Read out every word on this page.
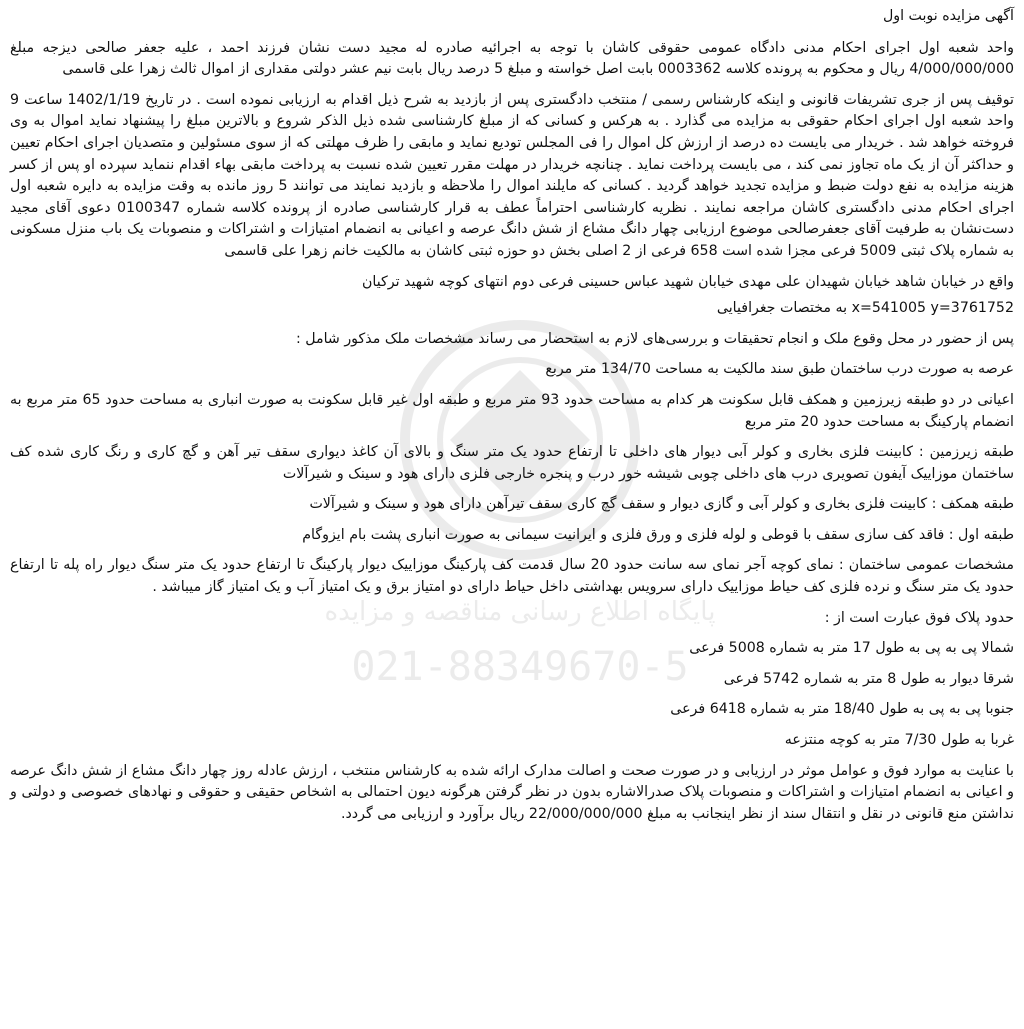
پایگاه اطلاع رسانی مناقصه و مزایده
021-88349670-5

آگهی مزایده نوبت اول

واحد شعبه اول اجرای احکام مدنی دادگاه عمومی حقوقی کاشان با توجه به اجرائیه صادره له مجید دست نشان فرزند احمد ، علیه جعفر صالحی دیزجه مبلغ 4/000/000/000 ریال و محکوم به پرونده کلاسه 0003362 بابت اصل خواسته و مبلغ 5 درصد ریال بابت نیم عشر دولتی مقداری از اموال ثالث زهرا علی قاسمی

توقیف پس از جری تشریفات قانونی و اینکه کارشناس رسمی / منتخب دادگستری پس از بازدید به شرح ذیل اقدام به ارزیابی نموده است . در تاریخ 1402/1/19 ساعت 9 واحد شعبه اول اجرای احکام حقوقی به مزایده می گذارد . به هرکس و کسانی که از مبلغ کارشناسی شده ذیل الذکر شروع و بالاترین مبلغ را پیشنهاد نماید اموال به وی فروخته خواهد شد . خریدار می بایست ده درصد از ارزش کل اموال را فی المجلس تودیع نماید و مابقی را ظرف مهلتی که از سوی مسئولین و متصدیان اجرای احکام تعیین و حداکثر آن از یک ماه تجاوز نمی کند ، می بایست پرداخت نماید . چنانچه خریدار در مهلت مقرر تعیین شده نسبت به پرداخت مابقی بهاء اقدام ننماید سپرده او پس از کسر هزینه مزایده به نفع دولت ضبط و مزایده تجدید خواهد گردید . کسانی که مایلند اموال را ملاحظه و بازدید نمایند می توانند 5 روز مانده به وقت مزایده به دایره شعبه اول اجرای احکام مدنی دادگستری کاشان مراجعه نمایند . نظریه کارشناسی احتراماً عطف به قرار کارشناسی صادره از پرونده کلاسه شماره 0100347 دعوی آقای مجید دست‌نشان به طرفیت آقای جعفرصالحی موضوع ارزیابی چهار دانگ مشاع از شش دانگ عرصه و اعیانی به انضمام امتیازات و اشتراکات و منصوبات یک باب منزل مسکونی به شماره پلاک ثبتی 5009 فرعی مجزا شده است 658 فرعی از 2 اصلی بخش دو حوزه ثبتی کاشان به مالکیت خانم زهرا علی قاسمی

واقع در خیابان شاهد خیابان شهیدان علی مهدی خیابان شهید عباس حسینی فرعی دوم انتهای کوچه شهید ترکیان

x=541005 y=3761752 به مختصات جغرافیایی

پس از حضور در محل وقوع ملک و انجام تحقیقات و بررسی‌های لازم به استحضار می رساند مشخصات ملک مذکور شامل :

عرصه به صورت درب ساختمان طبق سند مالکیت به مساحت 134/70 متر مربع

اعیانی در دو طبقه زیرزمین و همکف قابل سکونت هر کدام به مساحت حدود 93 متر مربع و طبقه اول غیر قابل سکونت به صورت انباری به مساحت حدود 65 متر مربع به انضمام پارکینگ به مساحت حدود 20 متر مربع

طبقه زیرزمین : کابینت فلزی بخاری و کولر آبی دیوار های داخلی تا ارتفاع حدود یک متر سنگ و بالای آن کاغذ دیواری سقف تیر آهن و گچ کاری و رنگ کاری شده کف ساختمان موزاییک آیفون تصویری درب های داخلی چوبی شیشه خور درب و پنجره خارجی فلزی دارای هود و سینک و شیرآلات

طبقه همکف : کابینت فلزی بخاری و کولر آبی و گازی دیوار و سقف گچ کاری سقف تیرآهن دارای هود و سینک و شیرآلات

طبقه اول : فاقد کف سازی سقف با قوطی و لوله فلزی و ورق فلزی و ایرانیت سیمانی به صورت انباری پشت بام ایزوگام

مشخصات عمومی ساختمان : نمای کوچه آجر نمای سه سانت حدود 20 سال قدمت کف پارکینگ موزاییک دیوار پارکینگ تا ارتفاع حدود یک متر سنگ دیوار راه پله تا ارتفاع حدود یک متر سنگ و نرده فلزی کف حیاط موزاییک دارای سرویس بهداشتی داخل حیاط دارای دو امتیاز برق و یک امتیاز آب و یک امتیاز گاز میباشد .

حدود پلاک فوق عبارت است از :

شمالا پی به پی به طول 17 متر به شماره 5008 فرعی

شرقا دیوار به طول 8 متر به شماره 5742 فرعی

جنوبا پی به پی به طول 18/40 متر به شماره 6418 فرعی

غربا به طول 7/30 متر به کوچه منتزعه

با عنایت به موارد فوق و عوامل موثر در ارزیابی و در صورت صحت و اصالت مدارک ارائه شده به کارشناس منتخب ، ارزش عادله روز چهار دانگ مشاع از شش دانگ عرصه و اعیانی به انضمام امتیازات و اشتراکات و منصوبات پلاک صدرالاشاره بدون در نظر گرفتن هرگونه دیون احتمالی به اشخاص حقیقی و حقوقی و نهادهای خصوصی و دولتی و نداشتن منع قانونی در نقل و انتقال سند از نظر اینجانب به مبلغ 22/000/000/000 ریال برآورد و ارزیابی می گردد.
